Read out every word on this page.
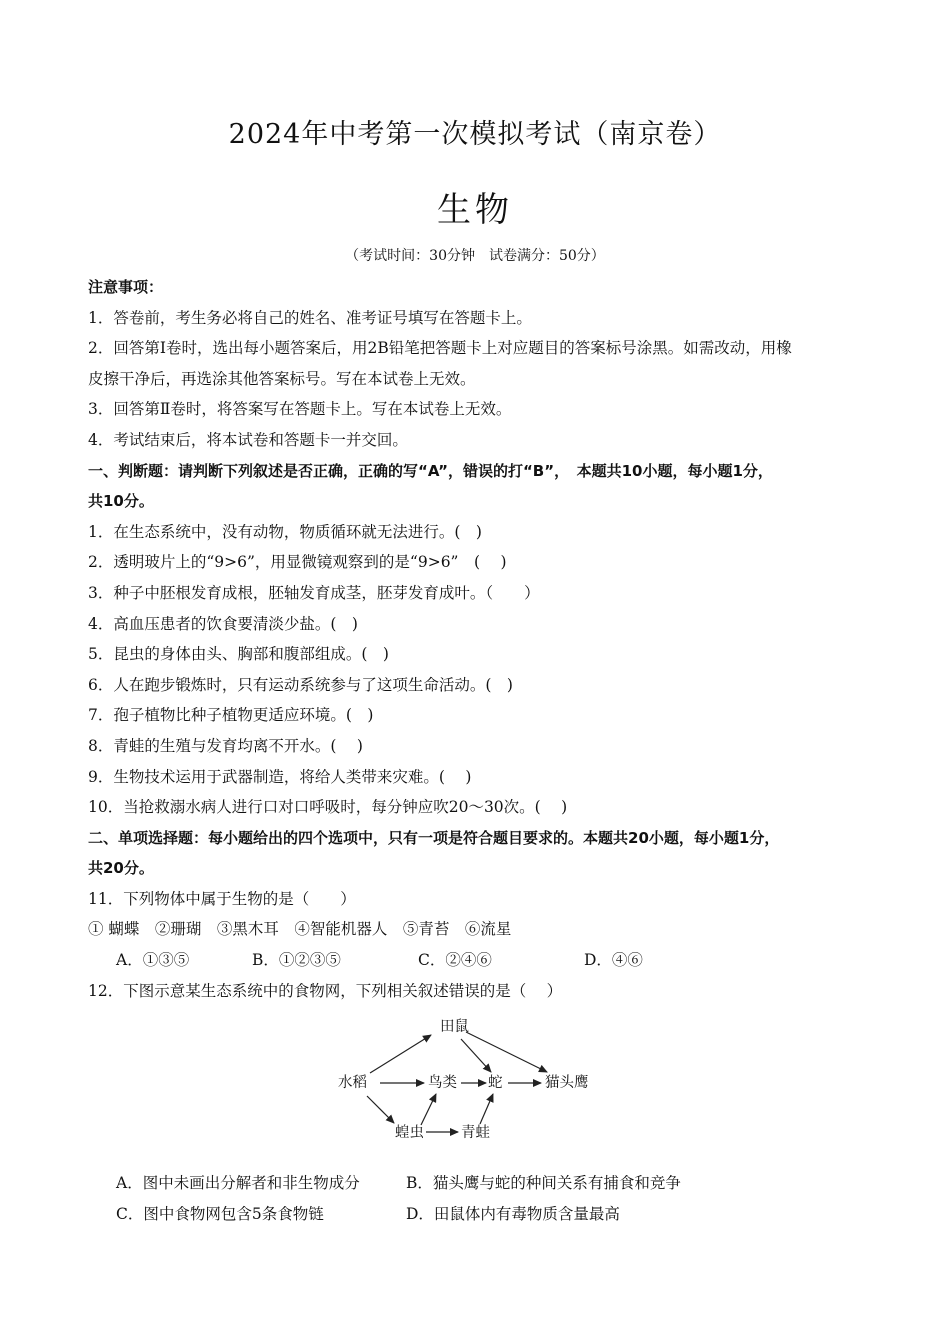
2024年中考第一次模拟考试（南京卷）
生物
（考试时间：30分钟　试卷满分：50分）
注意事项：
1．答卷前，考生务必将自己的姓名、准考证号填写在答题卡上。
2．回答第Ⅰ卷时，选出每小题答案后，用2B铅笔把答题卡上对应题目的答案标号涂黑。如需改动，用橡
皮擦干净后，再选涂其他答案标号。写在本试卷上无效。
3．回答第Ⅱ卷时，将答案写在答题卡上。写在本试卷上无效。
4．考试结束后，将本试卷和答题卡一并交回。
一、判断题：请判断下列叙述是否正确，正确的写“A”，错误的打“B”，　本题共10小题，每小题1分，
共10分。
1．在生态系统中，没有动物，物质循环就无法进行。(　)
2．透明玻片上的“9>6”，用显微镜观察到的是“9>6”　(　 )
3．种子中胚根发育成根，胚轴发育成茎，胚芽发育成叶。（　　）
4．高血压患者的饮食要清淡少盐。(　)
5．昆虫的身体由头、胸部和腹部组成。(　)
6．人在跑步锻炼时，只有运动系统参与了这项生命活动。(　)
7．孢子植物比种子植物更适应环境。(　)
8．青蛙的生殖与发育均离不开水。(　 )
9．生物技术运用于武器制造，将给人类带来灾难。(　 )
10．当抢救溺水病人进行口对口呼吸时，每分钟应吹20～30次。(　 )
二、单项选择题：每小题给出的四个选项中，只有一项是符合题目要求的。本题共20小题，每小题1分，
共20分。
11．下列物体中属于生物的是（　　）
① 蝴蝶　②珊瑚　③黑木耳　④智能机器人　⑤青苔　⑥流星
A．①③⑤	B．①②③⑤	C．②④⑥	D．④⑥
12．下图示意某生态系统中的食物网，下列相关叙述错误的是（　 ）
田鼠
水稻	鸟类 蛇	猫头鹰
蝗虫	青蛙
A．图中未画出分解者和非生物成分	B．猫头鹰与蛇的种间关系有捕食和竞争
C．图中食物网包含5条食物链	D．田鼠体内有毒物质含量最高
